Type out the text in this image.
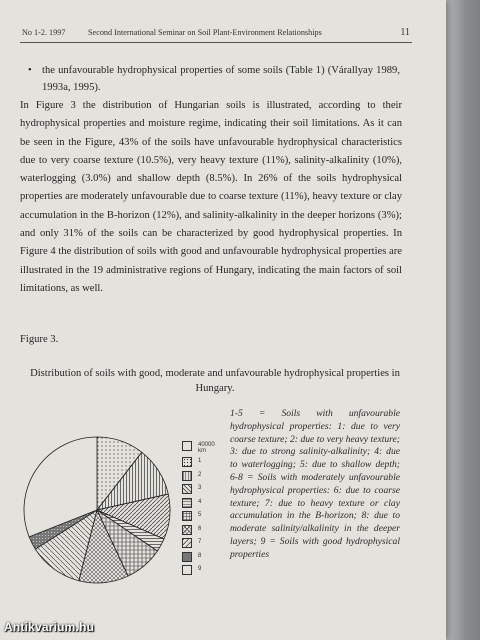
No 1-2. 1997	Second International Seminar on Soil Plant-Environment Relationships	11
• the unfavourable hydrophysical properties of some soils (Table 1) (Várallyay 1989, 1993a, 1995).
In Figure 3 the distribution of Hungarian soils is illustrated, according to their hydrophysical properties and moisture regime, indicating their soil limitations. As it can be seen in the Figure, 43% of the soils have unfavourable hydrophysical characteristics due to very coarse texture (10.5%), very heavy texture (11%), salinity-alkalinity (10%), waterlogging (3.0%) and shallow depth (8.5%). In 26% of the soils hydrophysical properties are moderately unfavourable due to coarse texture (11%), heavy texture or clay accumulation in the B-horizon (12%), and salinity-alkalinity in the deeper horizons (3%); and only 31% of the soils can be characterized by good hydrophysical properties. In Figure 4 the distribution of soils with good and unfavourable hydrophysical properties are illustrated in the 19 administrative regions of Hungary, indicating the main factors of soil limitations, as well.
Figure 3.
Distribution of soils with good, moderate and unfavourable hydrophysical properties in Hungary.
40000 km
1
2
3
4
5
6
7
8
9
1-5 = Soils with unfavourable hydrophysical properties: 1: due to very coarse texture; 2: due to very heavy texture; 3: due to strong salinity-alkalinity; 4: due to waterlogging; 5: due to shallow depth; 6-8 = Soils with moderately unfavourable hydrophysical properties: 6: due to coarse texture; 7: due to heavy texture or clay accumulation in the B-horizon; 8: due to moderate salinity/alkalinity in the deeper layers; 9 = Soils with good hydrophysical properties
Antikvarium.hu
